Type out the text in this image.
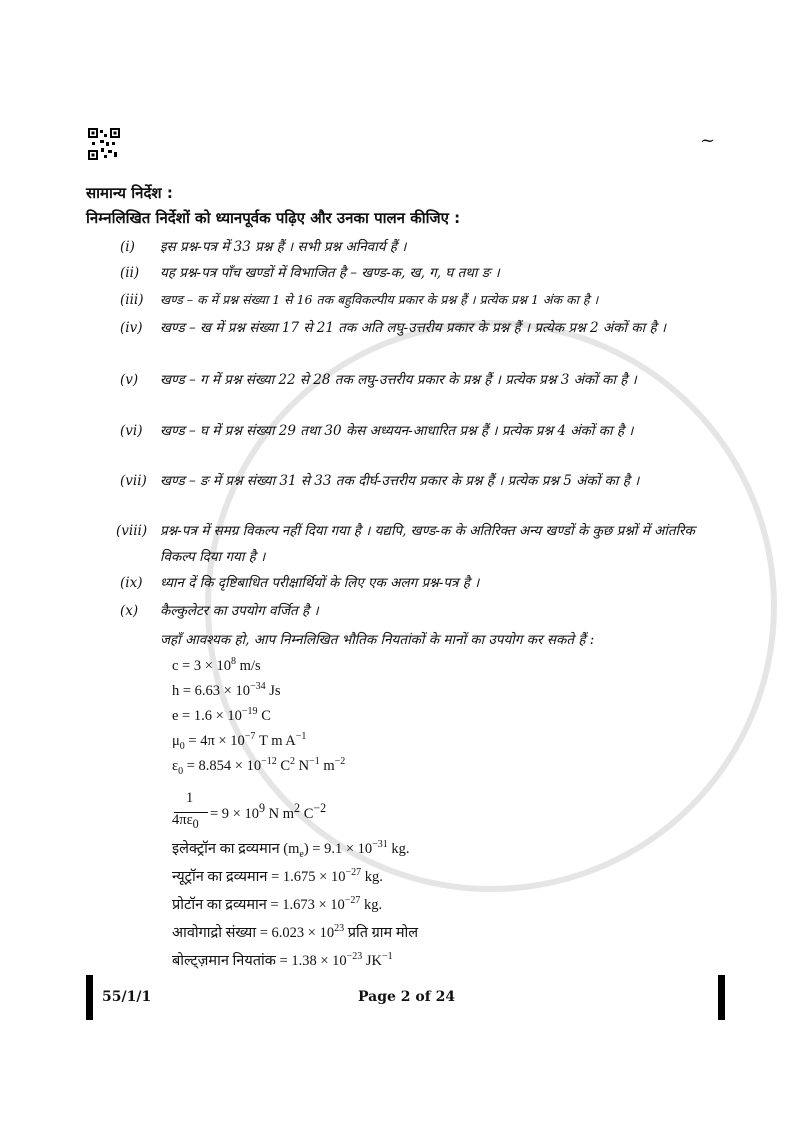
~
सामान्य निर्देश :
निम्नलिखित निर्देशों को ध्यानपूर्वक पढ़िए और उनका पालन कीजिए :
(i)	इस प्रश्न-पत्र में 33 प्रश्न हैं । सभी प्रश्न अनिवार्य हैं ।
(ii)	यह प्रश्न-पत्र पाँच खण्डों में विभाजित है – खण्ड-क, ख, ग, घ तथा ङ ।
(iii)	खण्ड – क में प्रश्न संख्या 1 से 16 तक बहुविकल्पीय प्रकार के प्रश्न हैं । प्रत्येक प्रश्न 1 अंक का है ।
(iv)	खण्ड – ख में प्रश्न संख्या 17 से 21 तक अति लघु-उत्तरीय प्रकार के प्रश्न हैं । प्रत्येक प्रश्न 2 अंकों का है ।
(v)	खण्ड – ग में प्रश्न संख्या 22 से 28 तक लघु-उत्तरीय प्रकार के प्रश्न हैं । प्रत्येक प्रश्न 3 अंकों का है ।
(vi)	खण्ड – घ में प्रश्न संख्या 29 तथा 30 केस अध्ययन-आधारित प्रश्न हैं । प्रत्येक प्रश्न 4 अंकों का है ।
(vii) खण्ड – ङ में प्रश्न संख्या 31 से 33 तक दीर्घ-उत्तरीय प्रकार के प्रश्न हैं । प्रत्येक प्रश्न 5 अंकों का है ।
(viii) प्रश्न-पत्र में समग्र विकल्प नहीं दिया गया है । यद्यपि, खण्ड-क के अतिरिक्त अन्य खण्डों के कुछ प्रश्नों में आंतरिक विकल्प दिया गया है ।
(ix)	ध्यान दें कि दृष्टिबाधित परीक्षार्थियों के लिए एक अलग प्रश्न-पत्र है ।
(x)	कैल्कुलेटर का उपयोग वर्जित है ।
जहाँ आवश्यक हो, आप निम्नलिखित भौतिक नियतांकों के मानों का उपयोग कर सकते हैं :
$c = 3 \times 10^8$ m/s
$h = 6.63 \times 10^{-34}$ Js
$e = 1.6 \times 10^{-19}$ C
$\mu_0 = 4\pi \times 10^{-7}$ T m $A^{-1}$
$\varepsilon_0 = 8.854 \times 10^{-12}$ $C^2$ $N^{-1}$ $m^{-2}$
1
$4\pi\varepsilon_0$
= $9 \times 10^9$ N $m^2$ $C^{-2}$
इलेक्ट्रॉन का द्रव्यमान $(m_e) = 9.1 \times 10^{-31}$ kg.
न्यूट्रॉन का द्रव्यमान = $1.675 \times 10^{-27}$ kg.
प्रोटॉन का द्रव्यमान = $1.673 \times 10^{-27}$ kg.
आवोगाद्रो संख्या = $6.023 \times 10^{23}$ प्रति ग्राम मोल
बोल्ट्ज़मान नियतांक = $1.38 \times 10^{-23}$ $JK^{-1}$
55/1/1	Page 2 of 24
